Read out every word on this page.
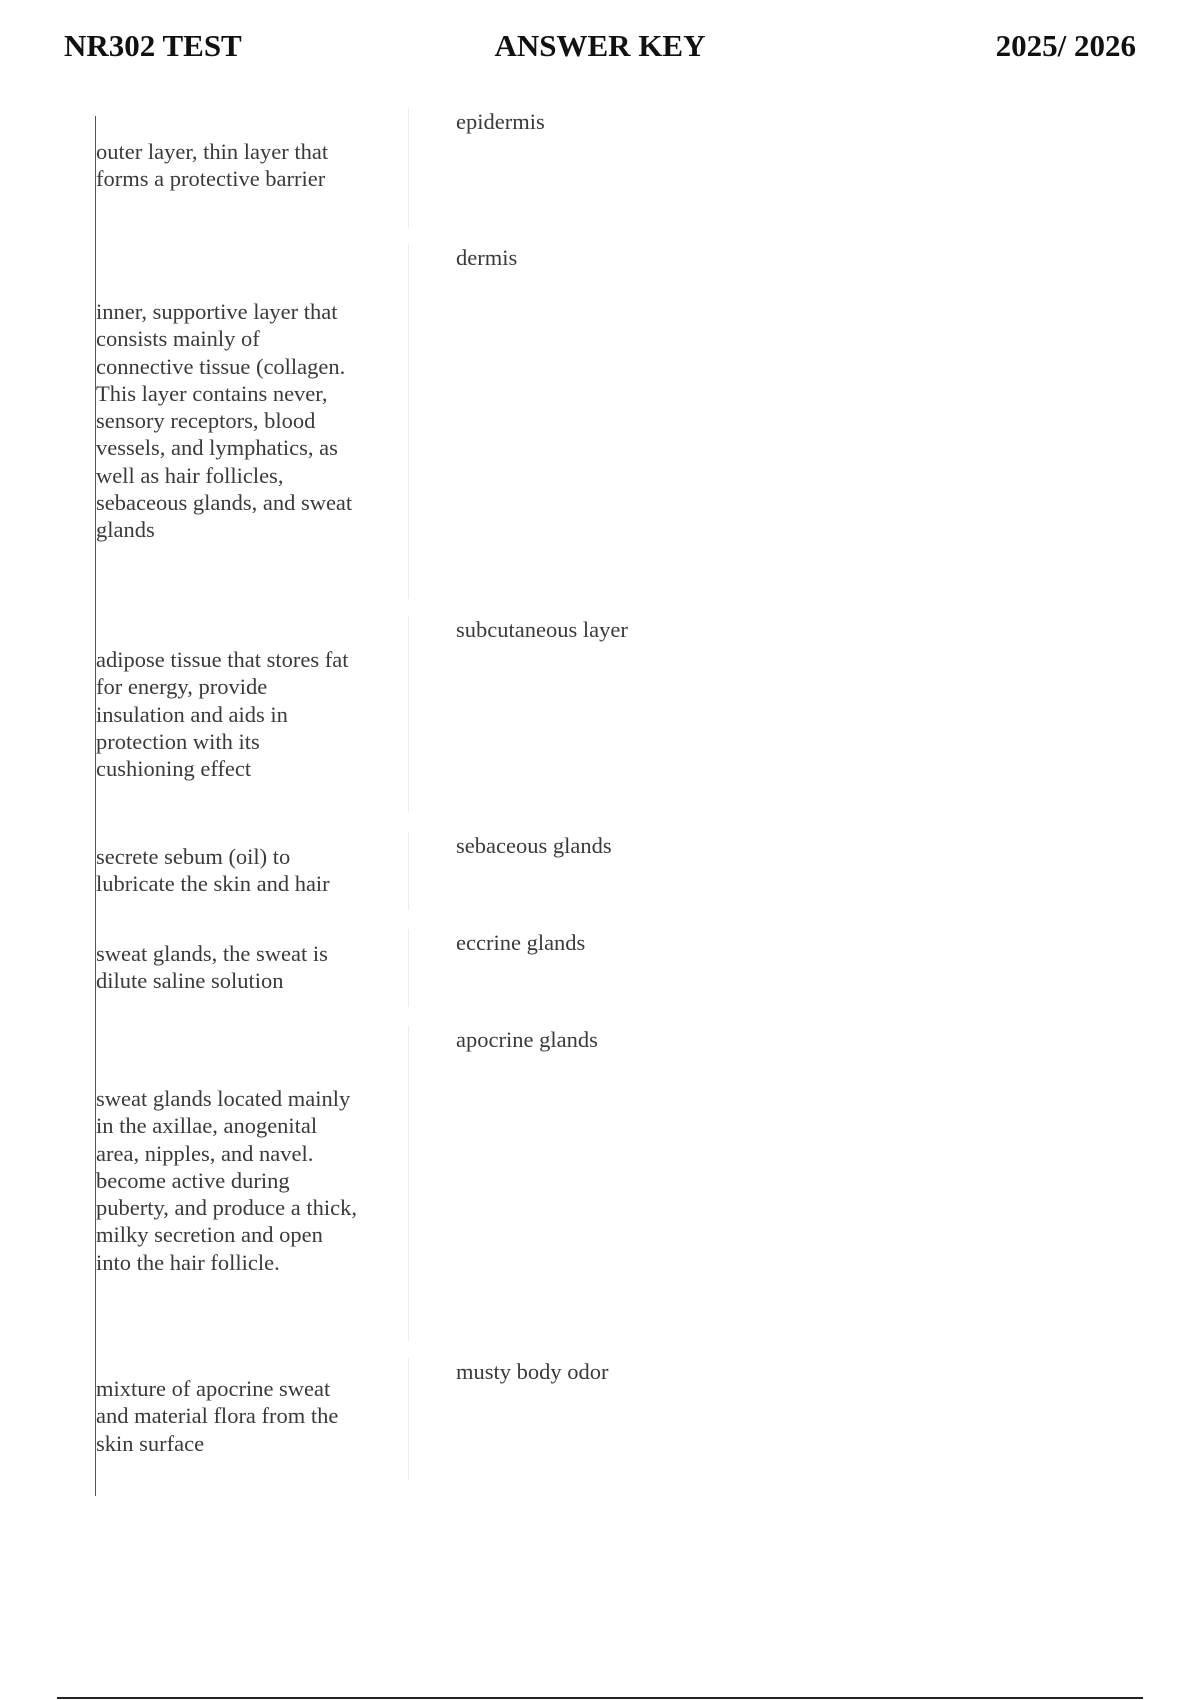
ANSWER KEY
NR302 TEST	2025/ 2026
epidermis
outer layer, thin layer that
forms a protective barrier
dermis
inner, supportive layer that
consists mainly of
connective tissue (collagen.
This layer contains never,
sensory receptors, blood
vessels, and lymphatics, as
well as hair follicles,
sebaceous glands, and sweat
glands
subcutaneous layer
adipose tissue that stores fat
for energy, provide
insulation and aids in
protection with its
cushioning effect
sebaceous glands
secrete sebum (oil) to
lubricate the skin and hair
eccrine glands
sweat glands, the sweat is
dilute saline solution
apocrine glands
sweat glands located mainly
in the axillae, anogenital
area, nipples, and navel.
become active during
puberty, and produce a thick,
milky secretion and open
into the hair follicle.
musty body odor
mixture of apocrine sweat
and material flora from the
skin surface
